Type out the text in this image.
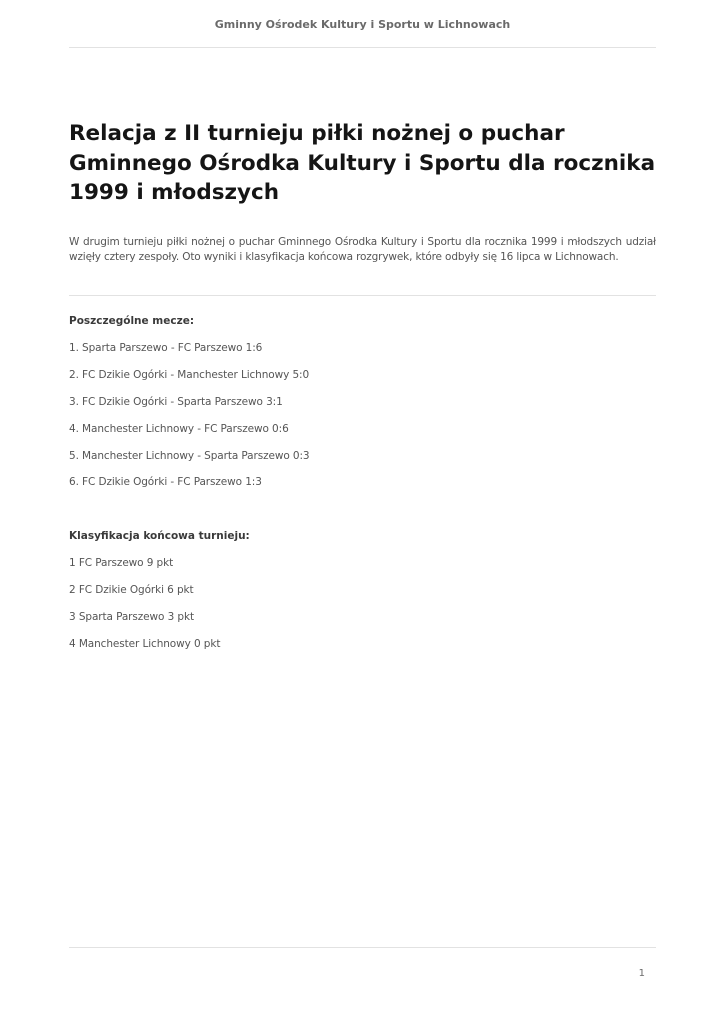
Gminny Ośrodek Kultury i Sportu w Lichnowach
Relacja z II turnieju piłki nożnej o puchar Gminnego Ośrodka Kultury i Sportu dla rocznika 1999 i młodszych

W drugim turnieju piłki nożnej o puchar Gminnego Ośrodka Kultury i Sportu dla rocznika 1999 i młodszych udział
wzięły cztery zespoły. Oto wyniki i klasyfikacja końcowa rozgrywek, które odbyły się 16 lipca w Lichnowach.

Poszczególne mecze:

1. Sparta Parszewo - FC Parszewo 1:6

2. FC Dzikie Ogórki - Manchester Lichnowy 5:0

3. FC Dzikie Ogórki - Sparta Parszewo 3:1

4. Manchester Lichnowy - FC Parszewo 0:6

5. Manchester Lichnowy - Sparta Parszewo 0:3

6. FC Dzikie Ogórki - FC Parszewo 1:3

Klasyfikacja końcowa turnieju:

1 FC Parszewo 9 pkt

2 FC Dzikie Ogórki 6 pkt

3 Sparta Parszewo 3 pkt

4 Manchester Lichnowy 0 pkt

1
